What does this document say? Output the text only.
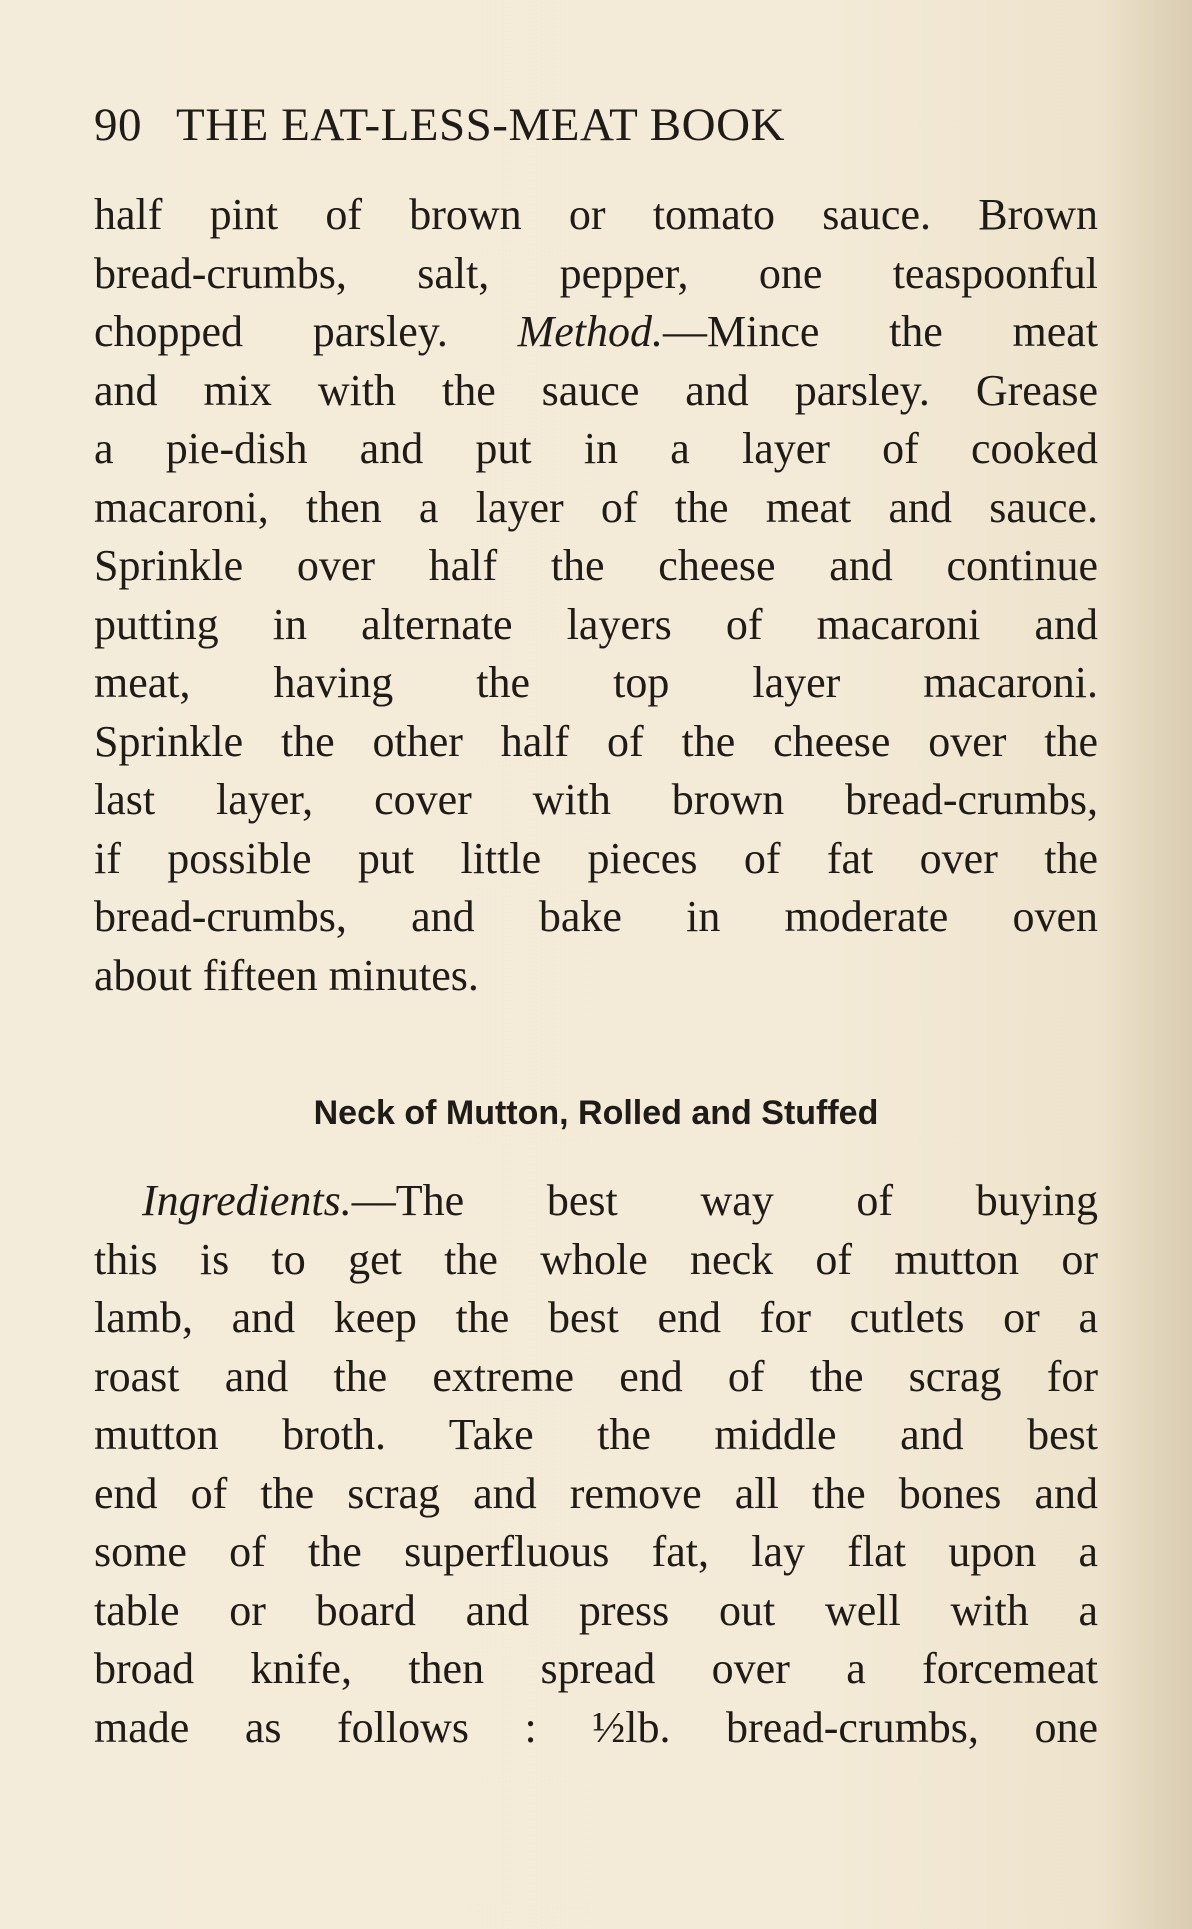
90 THE EAT-LESS-MEAT BOOK
half pint of brown or tomato sauce. Brown
bread-crumbs, salt, pepper, one teaspoonful
chopped parsley. Method.—Mince the meat
and mix with the sauce and parsley. Grease
a pie-dish and put in a layer of cooked
macaroni, then a layer of the meat and sauce.
Sprinkle over half the cheese and continue
putting in alternate layers of macaroni and
meat, having the top layer macaroni.
Sprinkle the other half of the cheese over the
last layer, cover with brown bread-crumbs,
if possible put little pieces of fat over the
bread-crumbs, and bake in moderate oven
about fifteen minutes.
Neck of Mutton, Rolled and Stuffed
Ingredients.—The best way of buying
this is to get the whole neck of mutton or
lamb, and keep the best end for cutlets or a
roast and the extreme end of the scrag for
mutton broth. Take the middle and best
end of the scrag and remove all the bones and
some of the superfluous fat, lay flat upon a
table or board and press out well with a
broad knife, then spread over a forcemeat
made as follows : ½lb. bread-crumbs, one
